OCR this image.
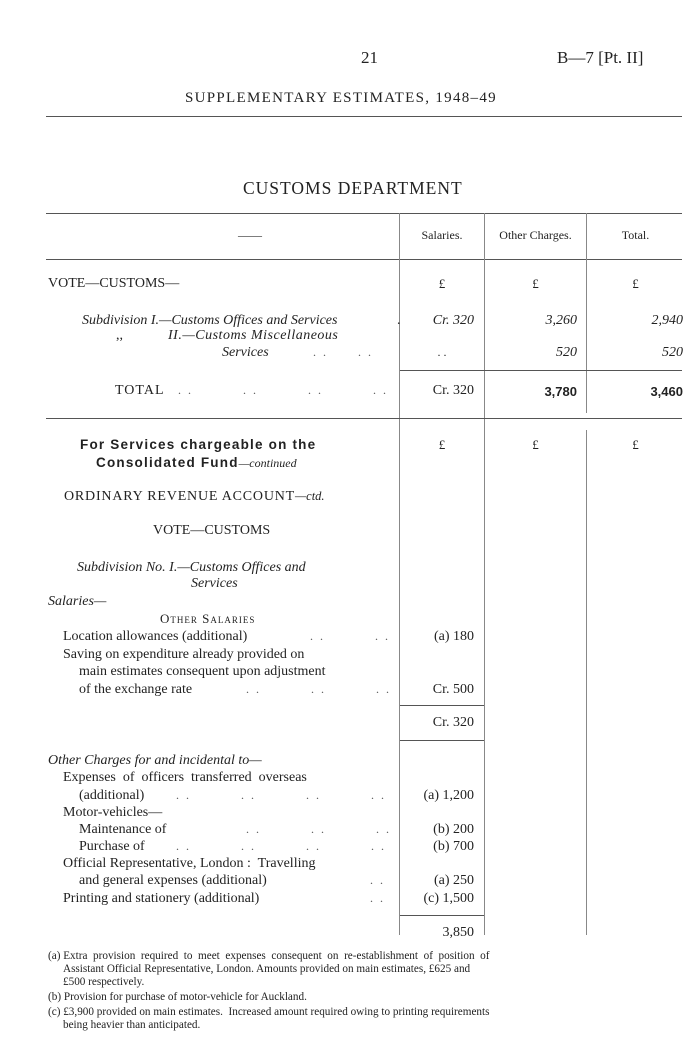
21	B—7 [Pt. II]
SUPPLEMENTARY ESTIMATES, 1948–49
CUSTOMS DEPARTMENT
——	Salaries.	Other Charges.	Total.
VOTE—CUSTOMS—	£	£	£
Subdivision I.—Customs Offices and Services	.	Cr. 320	3,260	2,940
,,	II.—Customs Miscellaneous
Services	. .      . .	. .	520	520
TOTAL . .          . .          . .          . .	Cr. 320	3,780	3,460
For Services chargeable on the
Consolidated Fund—continued
£	£	£
ORDINARY REVENUE ACCOUNT—ctd.
VOTE—CUSTOMS
Subdivision No. I.—Customs Offices and
Services
Salaries—
Other Salaries
Location allowances (additional)	. .          . .	(a) 180
Saving on expenditure already provided on
main estimates consequent upon adjustment
of the exchange rate	. .          . .          . .	Cr. 500
Cr. 320
Other Charges for and incidental to—
Expenses  of  officers  transferred  overseas
(additional)	. .          . .          . .          . .	(a) 1,200
Motor-vehicles—
Maintenance of	. .          . .          . .	(b) 200
Purchase of	. .          . .          . .          . .	(b) 700
Official Representative, London :  Travelling
and general expenses (additional)	. .	(a) 250
Printing and stationery (additional)	. .	(c) 1,500
3,850
(a) Extra  provision  required  to  meet  expenses  consequent  on  re-establishment  of  position  of
Assistant Official Representative, London. Amounts provided on main estimates, £625 and
£500 respectively.
(b) Provision for purchase of motor-vehicle for Auckland.
(c) £3,900 provided on main estimates.  Increased amount required owing to printing requirements
being heavier than anticipated.
